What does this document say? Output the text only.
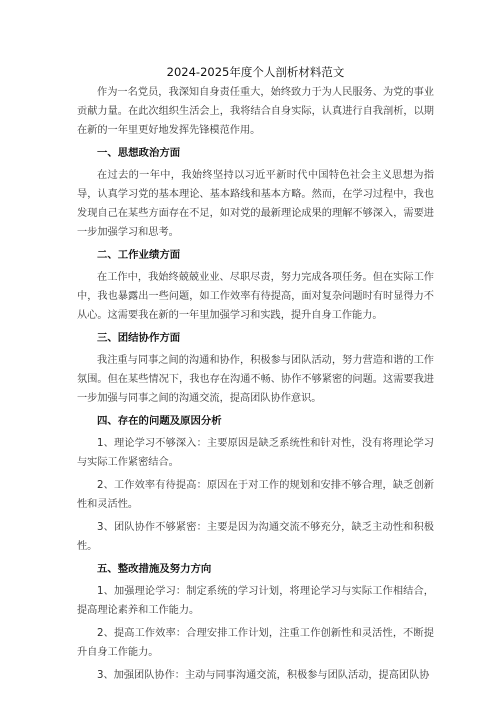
2024-2025年度个人剖析材料范文

作为一名党员，我深知自身责任重大，始终致力于为人民服务、为党的事业贡献力量。在此次组织生活会上，我将结合自身实际，认真进行自我剖析，以期在新的一年里更好地发挥先锋模范作用。

一、思想政治方面

在过去的一年中，我始终坚持以习近平新时代中国特色社会主义思想为指导，认真学习党的基本理论、基本路线和基本方略。然而，在学习过程中，我也发现自己在某些方面存在不足，如对党的最新理论成果的理解不够深入，需要进一步加强学习和思考。

二、工作业绩方面

在工作中，我始终兢兢业业、尽职尽责，努力完成各项任务。但在实际工作中，我也暴露出一些问题，如工作效率有待提高，面对复杂问题时有时显得力不从心。这需要我在新的一年里加强学习和实践，提升自身工作能力。

三、团结协作方面

我注重与同事之间的沟通和协作，积极参与团队活动，努力营造和谐的工作氛围。但在某些情况下，我也存在沟通不畅、协作不够紧密的问题。这需要我进一步加强与同事之间的沟通交流，提高团队协作意识。

四、存在的问题及原因分析

1、理论学习不够深入：主要原因是缺乏系统性和针对性，没有将理论学习与实际工作紧密结合。

2、工作效率有待提高：原因在于对工作的规划和安排不够合理，缺乏创新性和灵活性。

3、团队协作不够紧密：主要是因为沟通交流不够充分，缺乏主动性和积极性。

五、整改措施及努力方向

1、加强理论学习：制定系统的学习计划，将理论学习与实际工作相结合，提高理论素养和工作能力。

2、提高工作效率：合理安排工作计划，注重工作创新性和灵活性，不断提升自身工作能力。

3、加强团队协作：主动与同事沟通交流，积极参与团队活动，提高团队协
